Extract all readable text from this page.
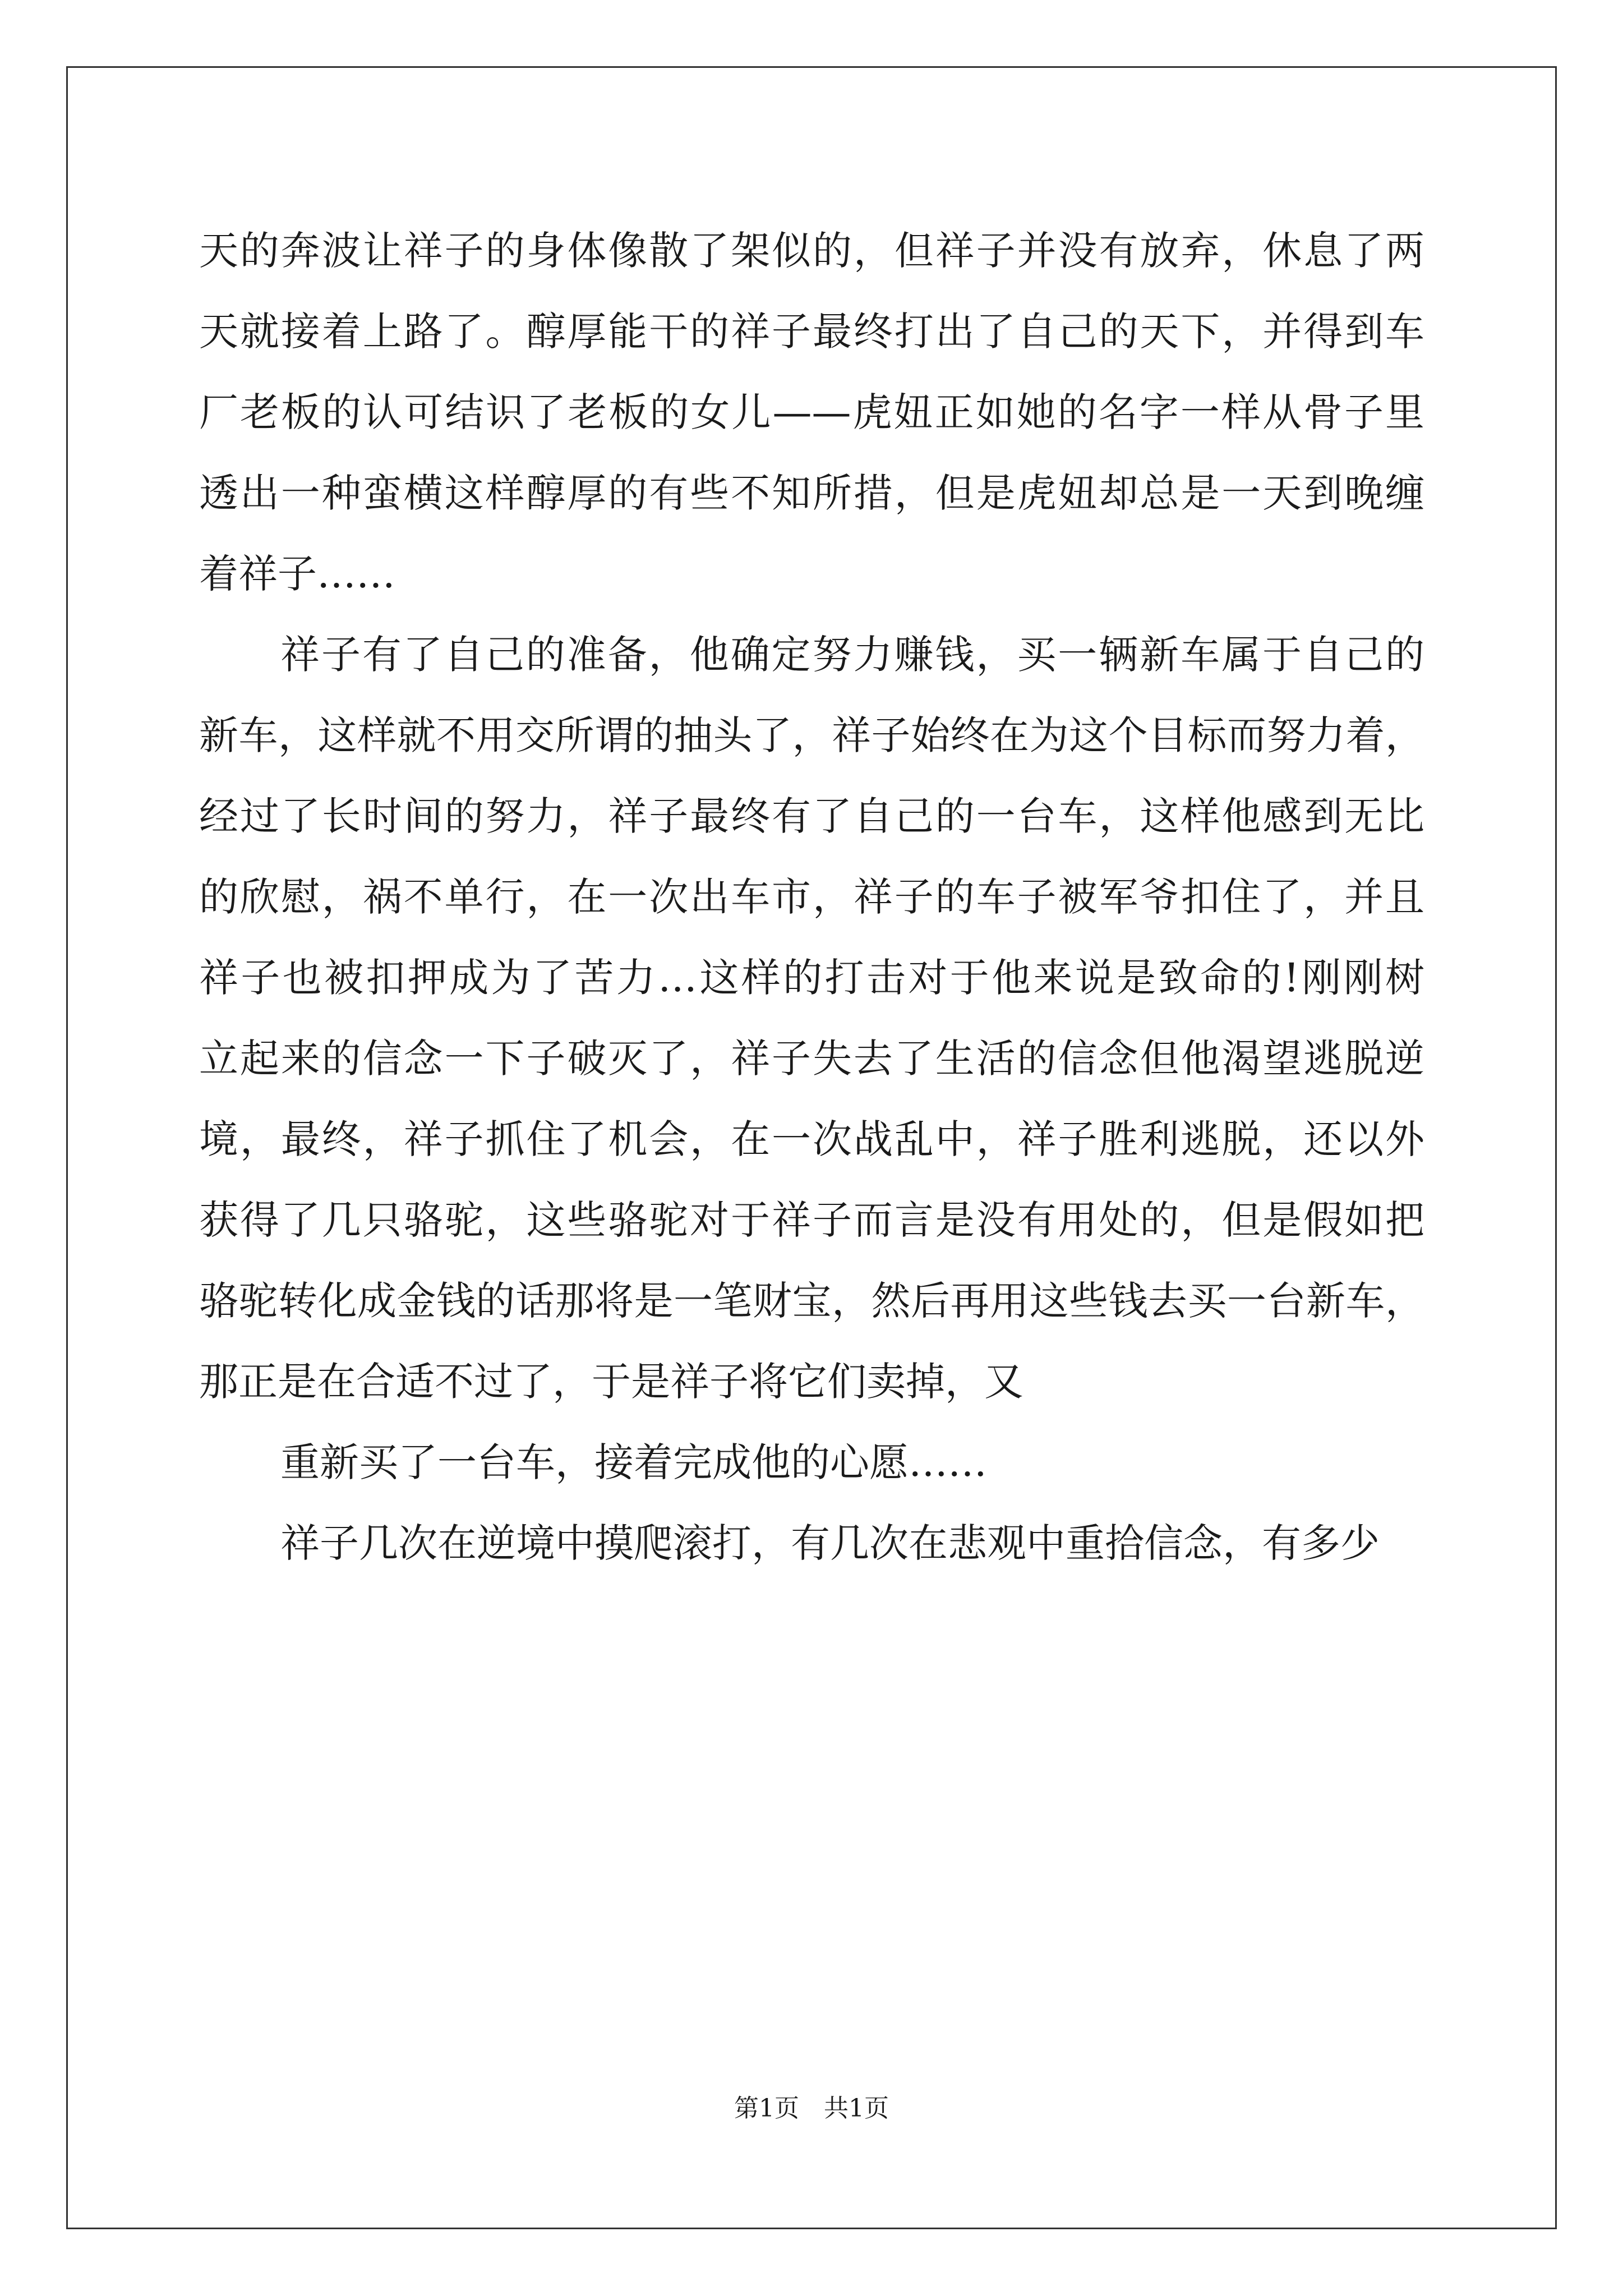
天的奔波让祥子的身体像散了架似的，但祥子并没有放弃，休息了两
天就接着上路了。醇厚能干的祥子最终打出了自己的天下，并得到车
厂老板的认可结识了老板的女儿——虎妞正如她的名字一样从骨子里
透出一种蛮横这样醇厚的有些不知所措，但是虎妞却总是一天到晚缠
着祥子……
祥子有了自己的准备，他确定努力赚钱，买一辆新车属于自己的
新车，这样就不用交所谓的抽头了，祥子始终在为这个目标而努力着，
经过了长时间的努力，祥子最终有了自己的一台车，这样他感到无比
的欣慰，祸不单行，在一次出车市，祥子的车子被军爷扣住了，并且
祥子也被扣押成为了苦力…这样的打击对于他来说是致命的!刚刚树
立起来的信念一下子破灭了，祥子失去了生活的信念但他渴望逃脱逆
境，最终，祥子抓住了机会，在一次战乱中，祥子胜利逃脱，还以外
获得了几只骆驼，这些骆驼对于祥子而言是没有用处的，但是假如把
骆驼转化成金钱的话那将是一笔财宝，然后再用这些钱去买一台新车，
那正是在合适不过了，于是祥子将它们卖掉，又
重新买了一台车，接着完成他的心愿……
祥子几次在逆境中摸爬滚打，有几次在悲观中重拾信念，有多少
第1页　共1页
